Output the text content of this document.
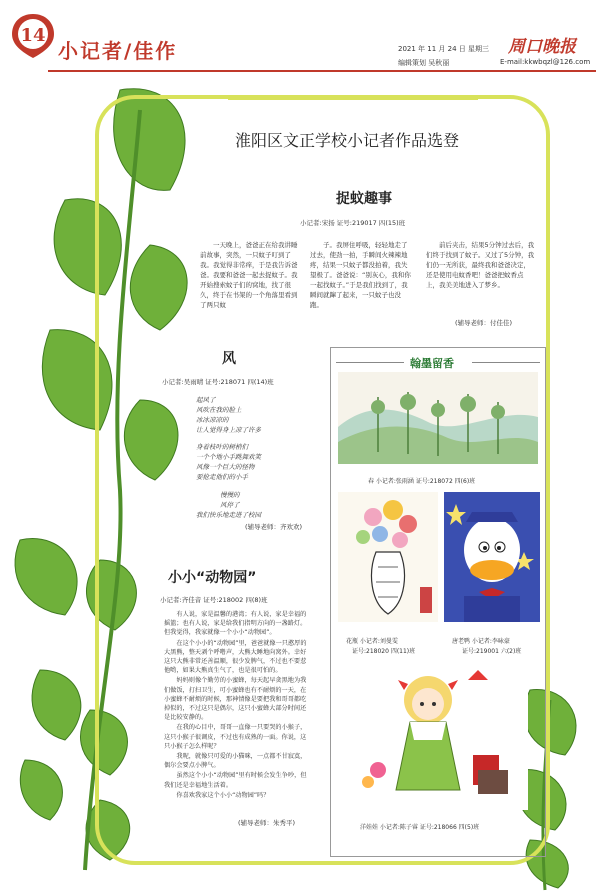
14
小记者/佳作	2021 年 11 月 24 日 星期三
编辑策划 吴秋丽
周口晚报
E-mail:kkwbqzl@126.com
淮阳区文正学校小记者作品选登
捉蚊趣事
小记者:宋扬 证号:219017 四(15)班

一天晚上，爸爸正在给我讲睡前故事，突然，一只蚊子叮到了我。我觉得非常痒，于是我告诉爸爸。我要和爸爸一起去捉蚊子。我开始搜索蚊子们的窝地，找了很久，终于在书架的一个角落里看到了两只蚊

子。我屏住呼吸，轻轻地走了过去，使劲一拍，手瞬间火辣辣地疼，结果一只蚊子都没拍着，我失望极了。爸爸说：“别灰心，我和你一起找蚊子。”于是我们找到了，我瞬间就蹿了起来，一只蚊子也没跑。

前后夹击，结果5分钟过去后，我们终于找到了蚊子。又过了5分钟，我们仍一无所获，最终我和爸爸决定，还是使用电蚊香吧！爸爸把蚊香点上，我美美地进入了梦乡。

(辅导老师：付佳佳)
风
小记者:吴雨晴 证号:218071 四(14)班
起风了
风吹在我的脸上
冰冰凉凉的
让人觉得身上凉了许多
身着枝叶的树梢们
一个个地小手跳舞欢笑
风像一个巨大的怪物
要抢走他们的小手
慢慢的
风停了
我们快乐地走进了校园
(辅导老师：齐欢欢)
小小“动物园”
小记者:齐佳音 证号:218002 四(8)班

有人说，家是温馨的港湾；有人说，家是幸福的摇篮；也有人说，家是给我们指明方向的一盏路灯。但我觉得，我家就像一个小小“动物园”。

在这个小小的“动物园”里，爸爸就像一只憨厚的大黑熊，整天剥个呼噜声，大熊大睡地向窝外。幸好这只大熊非常还善温顺，很少发脾气，不过也不要惹他哟，如果大熊真生气了，也是很可怕的。

妈妈则像个勤劳的小蜜蜂，每天起早贪黑地为我们做饭，打扫卫生，可小蜜蜂也有不耐烦的一天，在小蜜蜂不耐烦的时候，那神情像是要把我和哥哥都吃掉似的，不过这只是偶尔，这只小蜜蜂大部分时间还是比较安静的。

在我的心目中，哥哥一直像一只要哭的小猴子，这只小猴子很调皮，不过也有成熟的一面。你说，这只小猴子怎么样呢？

我呢，就像只可爱的小猫咪，一点都不甘寂寞，偶尔会要点小脾气。

虽然这个小小“动物园”里有时候会发生争吵，但我们还是幸福地生活着。

你喜欢我家这个小小“动物园”吗？

(辅导老师：朱秀平)
翰墨留香
春 小记者:张雨涵 证号:218072 四(6)班
花瓶 小记者:刘曼雯
证号:218020 四(11)班
唐老鸭 小记者:李咏豪
证号:219001 六(2)班
洋娃娃 小记者:陈子睿 证号:218066 四(5)班
